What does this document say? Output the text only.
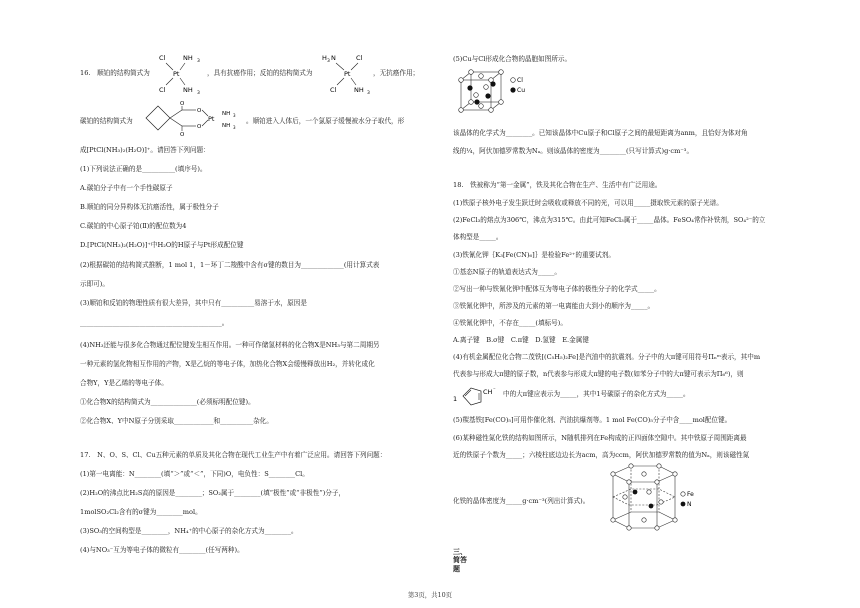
16.　顺铂的结构简式为
Cl	NH 3
Pt
Cl	NH 3
，具有抗癌作用；反铂的结构简式为
H 3 N	Cl
Pt
Cl	NH 3
，无抗癌作用；
碳铂的结构简式为
O
O
O
O
Pt
NH 3
NH 3
。顺铂进入人体后，一个氯原子缓慢被水分子取代，形
成[PtCl(NH₃)₂(H₂O)]⁺。请回答下列问题：
(1)下列说法正确的是__________(填序号)。
A.碳铂分子中有一个手性碳原子
B.顺铂的同分异构体无抗癌活性，属于极性分子
C.碳铂的中心原子铂(Ⅱ)的配位数为4
D.[PtCl(NH₃)₂(H₂O)]⁺中H₂O的H原子与Pt形成配位键
(2)根据碳铂的结构简式推断，1 mol 1，1－环丁二羧酸中含有σ键的数目为_____________(用计算式表
示即可)。
(3)顺铂和反铂的物理性质有很大差异，其中只有__________易溶于水，原因是
___________________________________________。
(4)NH₃还能与很多化合物通过配位键发生相互作用。一种可作储氢材料的化合物X是NH₃与第二周期另
一种元素的氢化物相互作用的产物，X是乙烷的等电子体，加热化合物X会缓慢释放出H₂，并转化成化
合物Y，Y是乙烯的等电子体。
①化合物X的结构简式为______________(必须标明配位键)。
②化合物X、Y中N原子分别采取____________和__________杂化。
17.　N、O、S、Cl、Cu五种元素的单质及其化合物在现代工业生产中有着广泛应用。请回答下列问题：
(1)第一电离能：N________(填“＞”或“＜”，下同)O，电负性：S________Cl。
(2)H₂O的沸点比H₂S高的原因是________；SO₂属于________(填“极性”或“非极性”)分子，
1molSO₂Cl₂含有的σ键为________mol。
(3)SO₃的空间构型是________，NH₄⁺的中心原子的杂化方式为________。
(4)与NO₃⁻互为等电子体的微粒有________(任写两种)。
(5)Cu与Cl形成化合物的晶胞如图所示。
Cl
Cu
该晶体的化学式为________。已知该晶体中Cu原子和Cl原子之间的最短距离为anm，且恰好为体对角
线的¼，阿伏加德罗常数为Nₐ。则该晶体的密度为________(只写计算式)g·cm⁻³。
18.　铁被称为“第一金属”，铁及其化合物在生产、生活中有广泛用途。
(1)铁原子核外电子发生跃迁时会吸收或释放不同的光，可以用_____摄取铁元素的原子光谱。
(2)FeCl₃的熔点为306℃，沸点为315℃。由此可知FeCl₃属于_____晶体。FeSO₄常作补铁剂，SO₄²⁻的立
体构型是_____。
(3)铁氰化钾｛K₃[Fe(CN)₆]｝是检验Fe²⁺的重要试剂。
①基态N原子的轨道表达式为_____。
②写出一种与铁氰化钾中配体互为等电子体的极性分子的化学式_____。
③铁氰化钾中，所涉及的元素的第一电离能由大到小的顺序为_____。
④铁氰化钾中，不存在_____(填标号)。
A.离子键　B.σ键　C.π键　D.氢键　E.金属键
(4)有机金属配位化合物二茂铁[(C₅H₅)₂Fe]是汽油中的抗震剂。分子中的大π键可用符号Πₙᵐ表示，其中m
代表参与形成大π键的原子数，n代表参与形成大π键的电子数(如苯分子中的大π键可表示为Π₆⁶)，则
1
CH ⁻ 中的大π键应表示为_____，其中1号碳原子的杂化方式为_____。
(5)羰基铁[Fe(CO)₅]可用作催化剂、汽油抗爆剂等。1 mol Fe(CO)₅分子中含____mol配位键。
(6)某种磁性氮化铁的结构如图所示，N随机排列在Fe构成的正四面体空隙中。其中铁原子周围距离最
近的铁原子个数为_____；六棱柱底边边长为acm，高为ccm，阿伏加德罗常数的值为Nₐ，则该磁性氮
化铁的晶体密度为_____g·cm⁻³(列出计算式)。
Fe
N
三、简答题
第3页，共10页
